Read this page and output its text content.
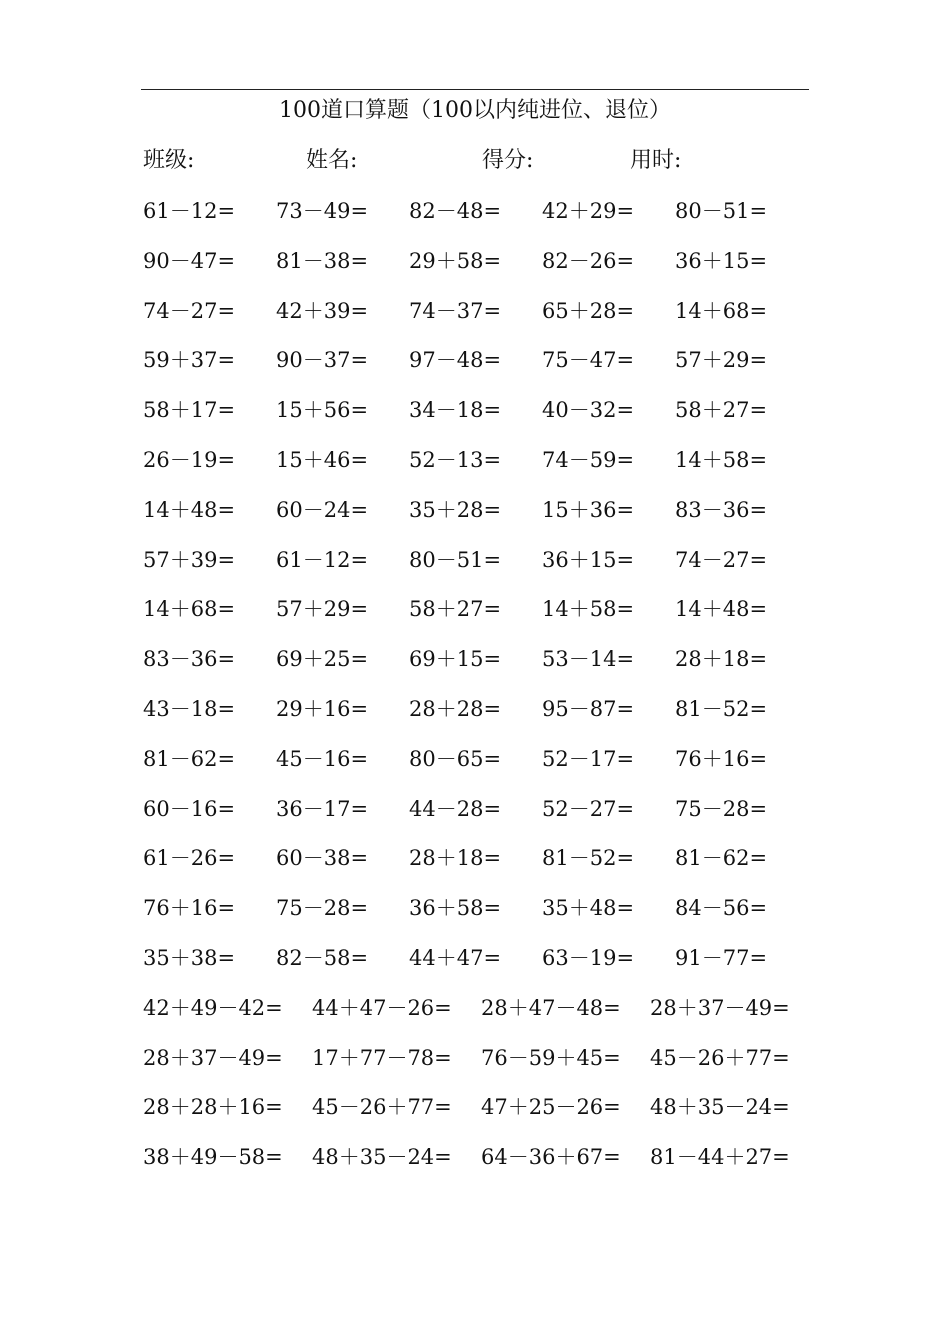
100道口算题（100以内纯进位、退位）
班级:	姓名:	得分:	用时:
61－12= 73－49= 82－48= 42＋29= 80－51=
90－47= 81－38= 29＋58= 82－26= 36＋15=
74－27= 42＋39= 74－37= 65＋28= 14＋68=
59＋37= 90－37= 97－48= 75－47= 57＋29=
58＋17= 15＋56= 34－18= 40－32= 58＋27=
26－19= 15＋46= 52－13= 74－59= 14＋58=
14＋48= 60－24= 35＋28= 15＋36= 83－36=
57＋39= 61－12= 80－51= 36＋15= 74－27=
14＋68= 57＋29= 58＋27= 14＋58= 14＋48=
83－36= 69＋25= 69＋15= 53－14= 28＋18=
43－18= 29＋16= 28＋28= 95－87= 81－52=
81－62= 45－16= 80－65= 52－17= 76＋16=
60－16= 36－17= 44－28= 52－27= 75－28=
61－26= 60－38= 28＋18= 81－52= 81－62=
76＋16= 75－28= 36＋58= 35＋48= 84－56=
35＋38= 82－58= 44＋47= 63－19= 91－77=
42＋49－42= 44＋47－26= 28＋47－48= 28＋37－49=
28＋37－49= 17＋77－78= 76－59＋45= 45－26＋77=
28＋28＋16= 45－26＋77= 47＋25－26= 48＋35－24=
38＋49－58= 48＋35－24= 64－36＋67= 81－44＋27=
